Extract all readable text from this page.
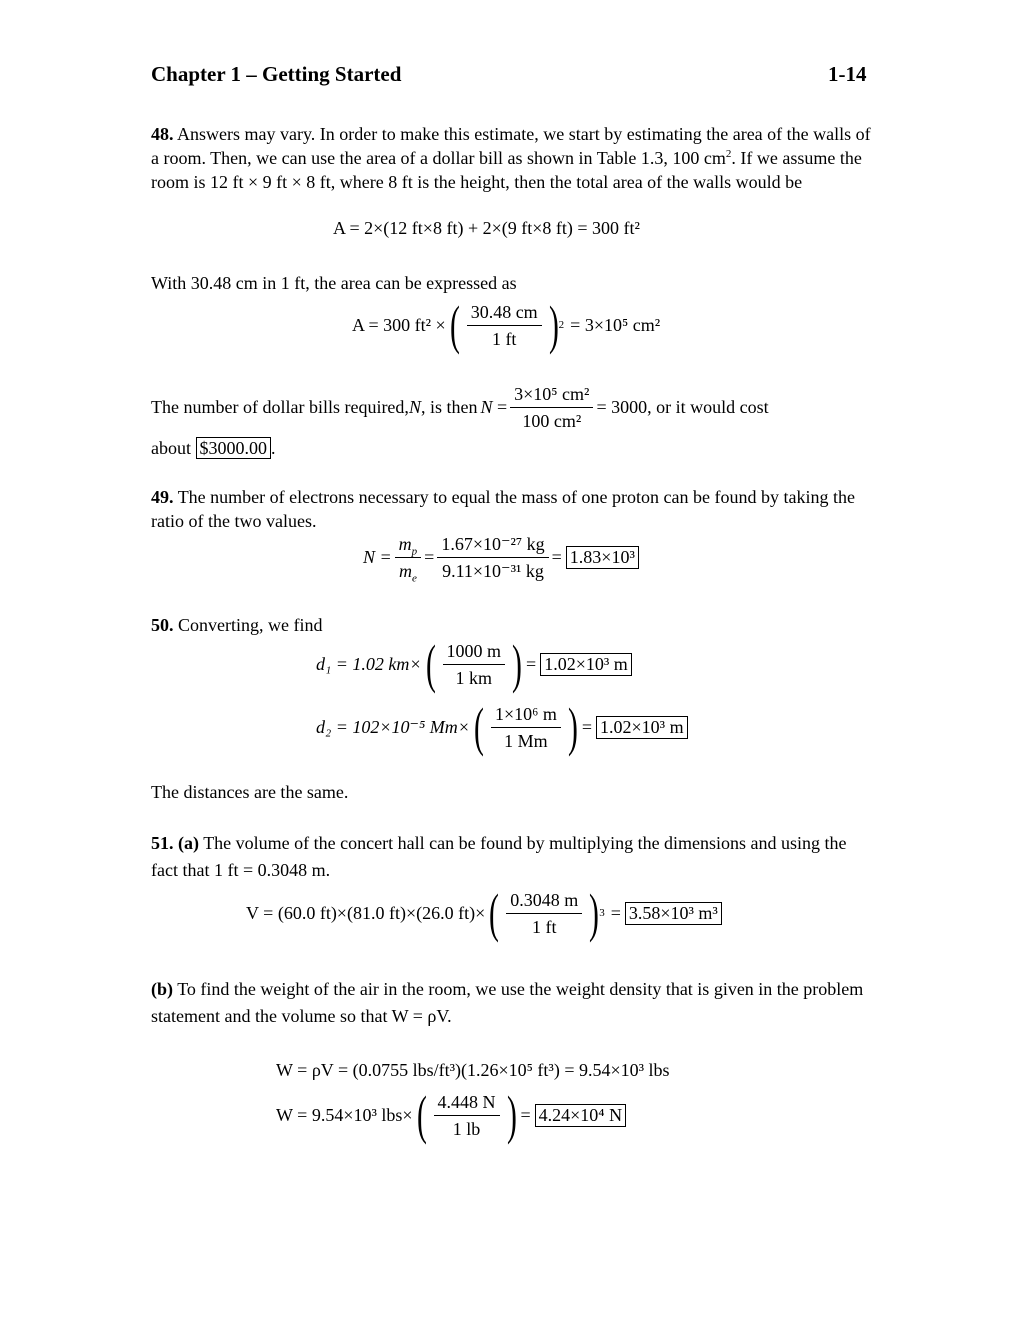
Chapter 1 – Getting Started	1-14
48. Answers may vary. In order to make this estimate, we start by estimating the area of the walls of a room. Then, we can use the area of a dollar bill as shown in Table 1.3, 100 $cm^2$. If we assume the room is 12 ft × 9 ft × 8 ft, where 8 ft is the height, then the total area of the walls would be
A = 2×(12 ft×8 ft) + 2×(9 ft×8 ft) = 300 ft²
With 30.48 cm in 1 ft, the area can be expressed as
A = 300 ft² × ( $\frac{30.48 cm}{1 ft}$ ) 2 = 3×10⁵ cm²
The number of dollar bills required, N , is then $N = \frac{\text{3×10⁵ cm²}}{\text{100 cm²}} = 3000$ , or it would cost
about $3000.00 .
49. The number of electrons necessary to equal the mass of one proton can be found by taking the ratio of the two values.
$N = \frac{m_p}{m_e} = \frac{\text{1.67×10⁻²⁷ kg}}{\text{9.11×10⁻³¹ kg}} = 1.83\times 10^3$
50. Converting, we find
d₁ = 1.02 km× ( $\frac{1000 m}{1 km}$ ) = 1.02×10³ m
d₂ = 102×10⁻⁵ Mm× ( $\frac{\text{1×10⁶ m}}{1 Mm}$ ) = 1.02×10³ m
The distances are the same.
51. (a) The volume of the concert hall can be found by multiplying the dimensions and using the fact that 1 ft = 0.3048 m.
V = (60.0 ft)×(81.0 ft)×(26.0 ft)× ( $\frac{0.3048 m}{1 ft}$ ) 3 = 3.58×10³ m³
(b) To find the weight of the air in the room, we use the weight density that is given in the problem statement and the volume so that W = ρV.
W = ρV = (0.0755 lbs/ft³)(1.26×10⁵ ft³) = 9.54×10³ lbs
W = 9.54×10³ lbs× ( $\frac{4.448 N}{1 lb}$ ) = 4.24×10⁴ N
